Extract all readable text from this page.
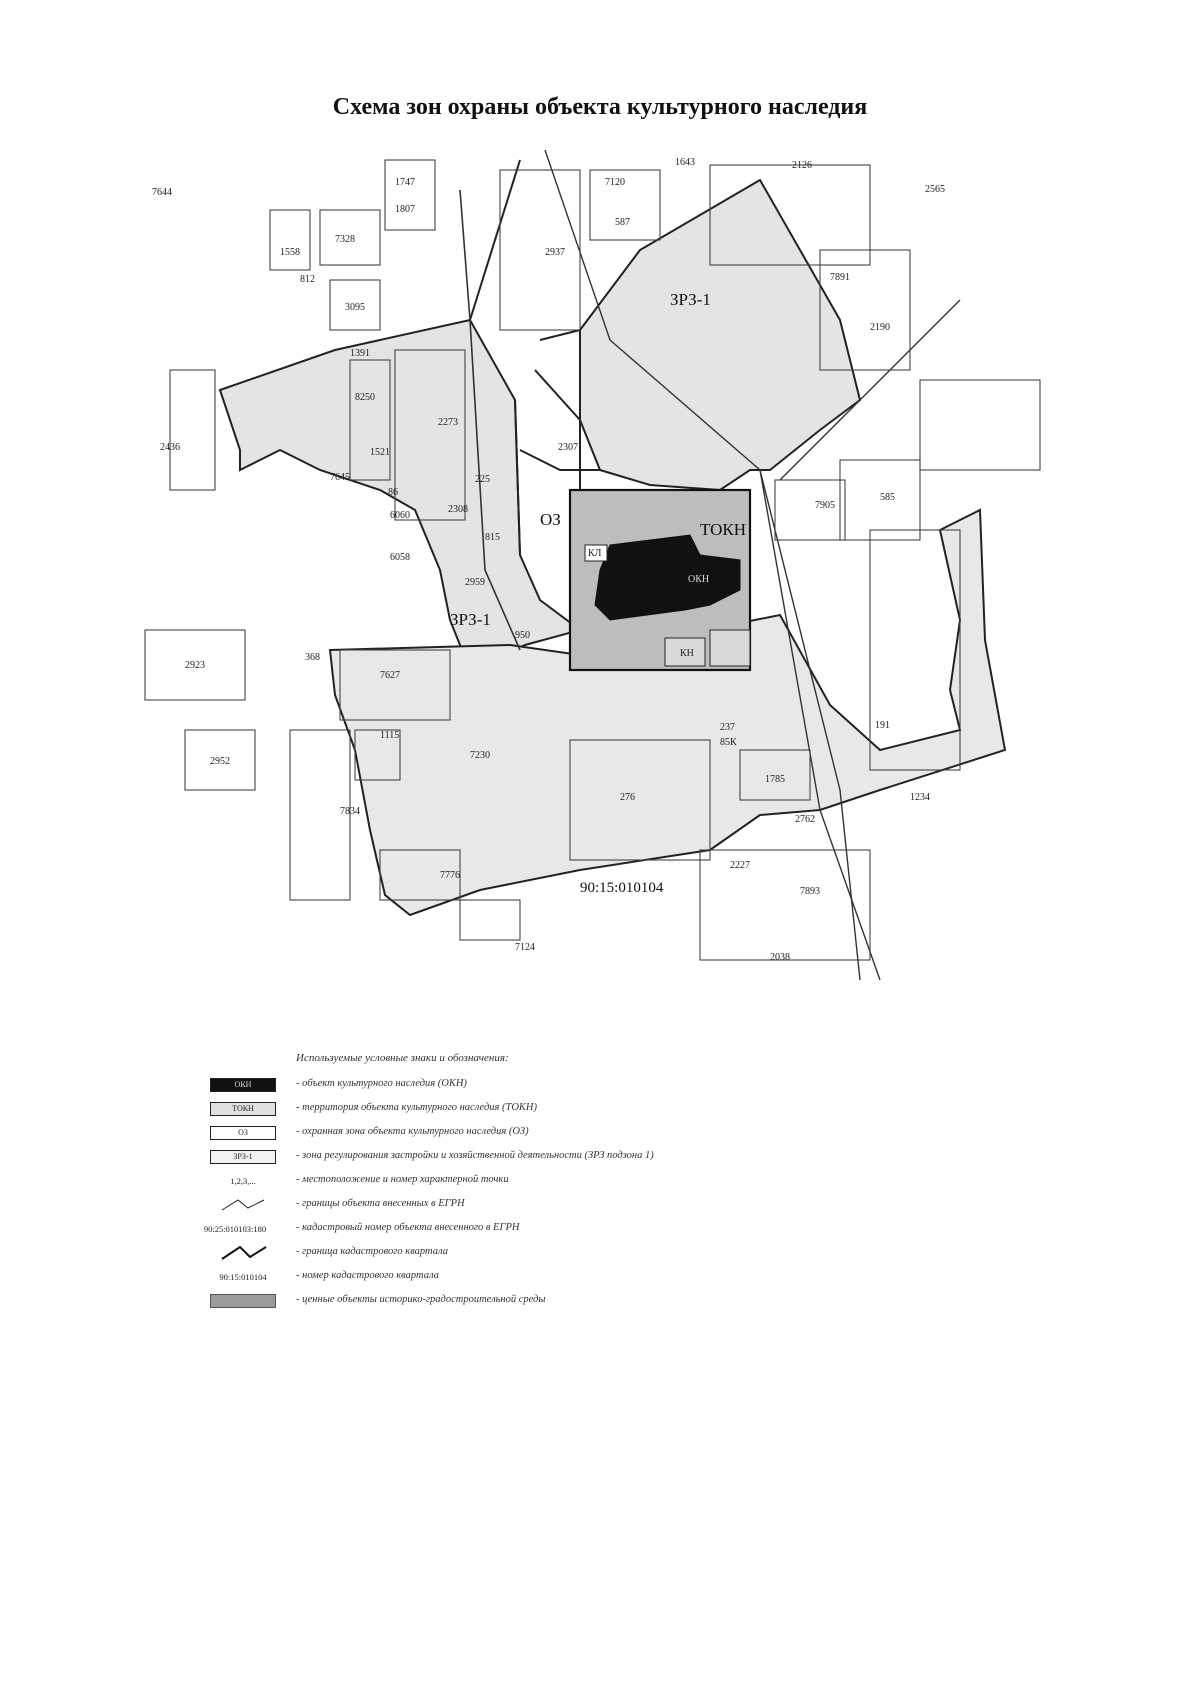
Схема зон охраны объекта культурного наследия
7644
1747
1807
1643	2126
2565
7120
587
2937
1558
7328
812
3095
7891
2190
1391
8250
2273
2436	1521	2307
7645
86
225
6060
2308
815
6058
2959
2923
368
7627
7230
1115
2952
7834
7776
276
7124
2227
7893
1785
2762
2038
1234
191
950
7905
585
КЛ
КН
237
85К
ЗРЗ-1
ЗРЗ-1
ОЗ
ТОКН
ОКН
90:15:010104
Используемые условные знаки и обозначения:
ОКН	- объект культурного наследия (ОКН)
ТОКН	- территория объекта культурного наследия (ТОКН)
ОЗ	- охранная зона объекта культурного наследия (ОЗ)
ЗРЗ-1	- зона регулирования застройки и хозяйственной деятельности (ЗРЗ подзона 1)
1,2,3,...	- местоположение и номер характерной точки
- границы объекта внесенных в ЕГРН
90:25:010103:180	- кадастровый номер объекта внесенного в ЕГРН
- граница кадастрового квартала
90:15:010104	- номер кадастрового квартала
- ценные объекты историко-градостроительной среды
